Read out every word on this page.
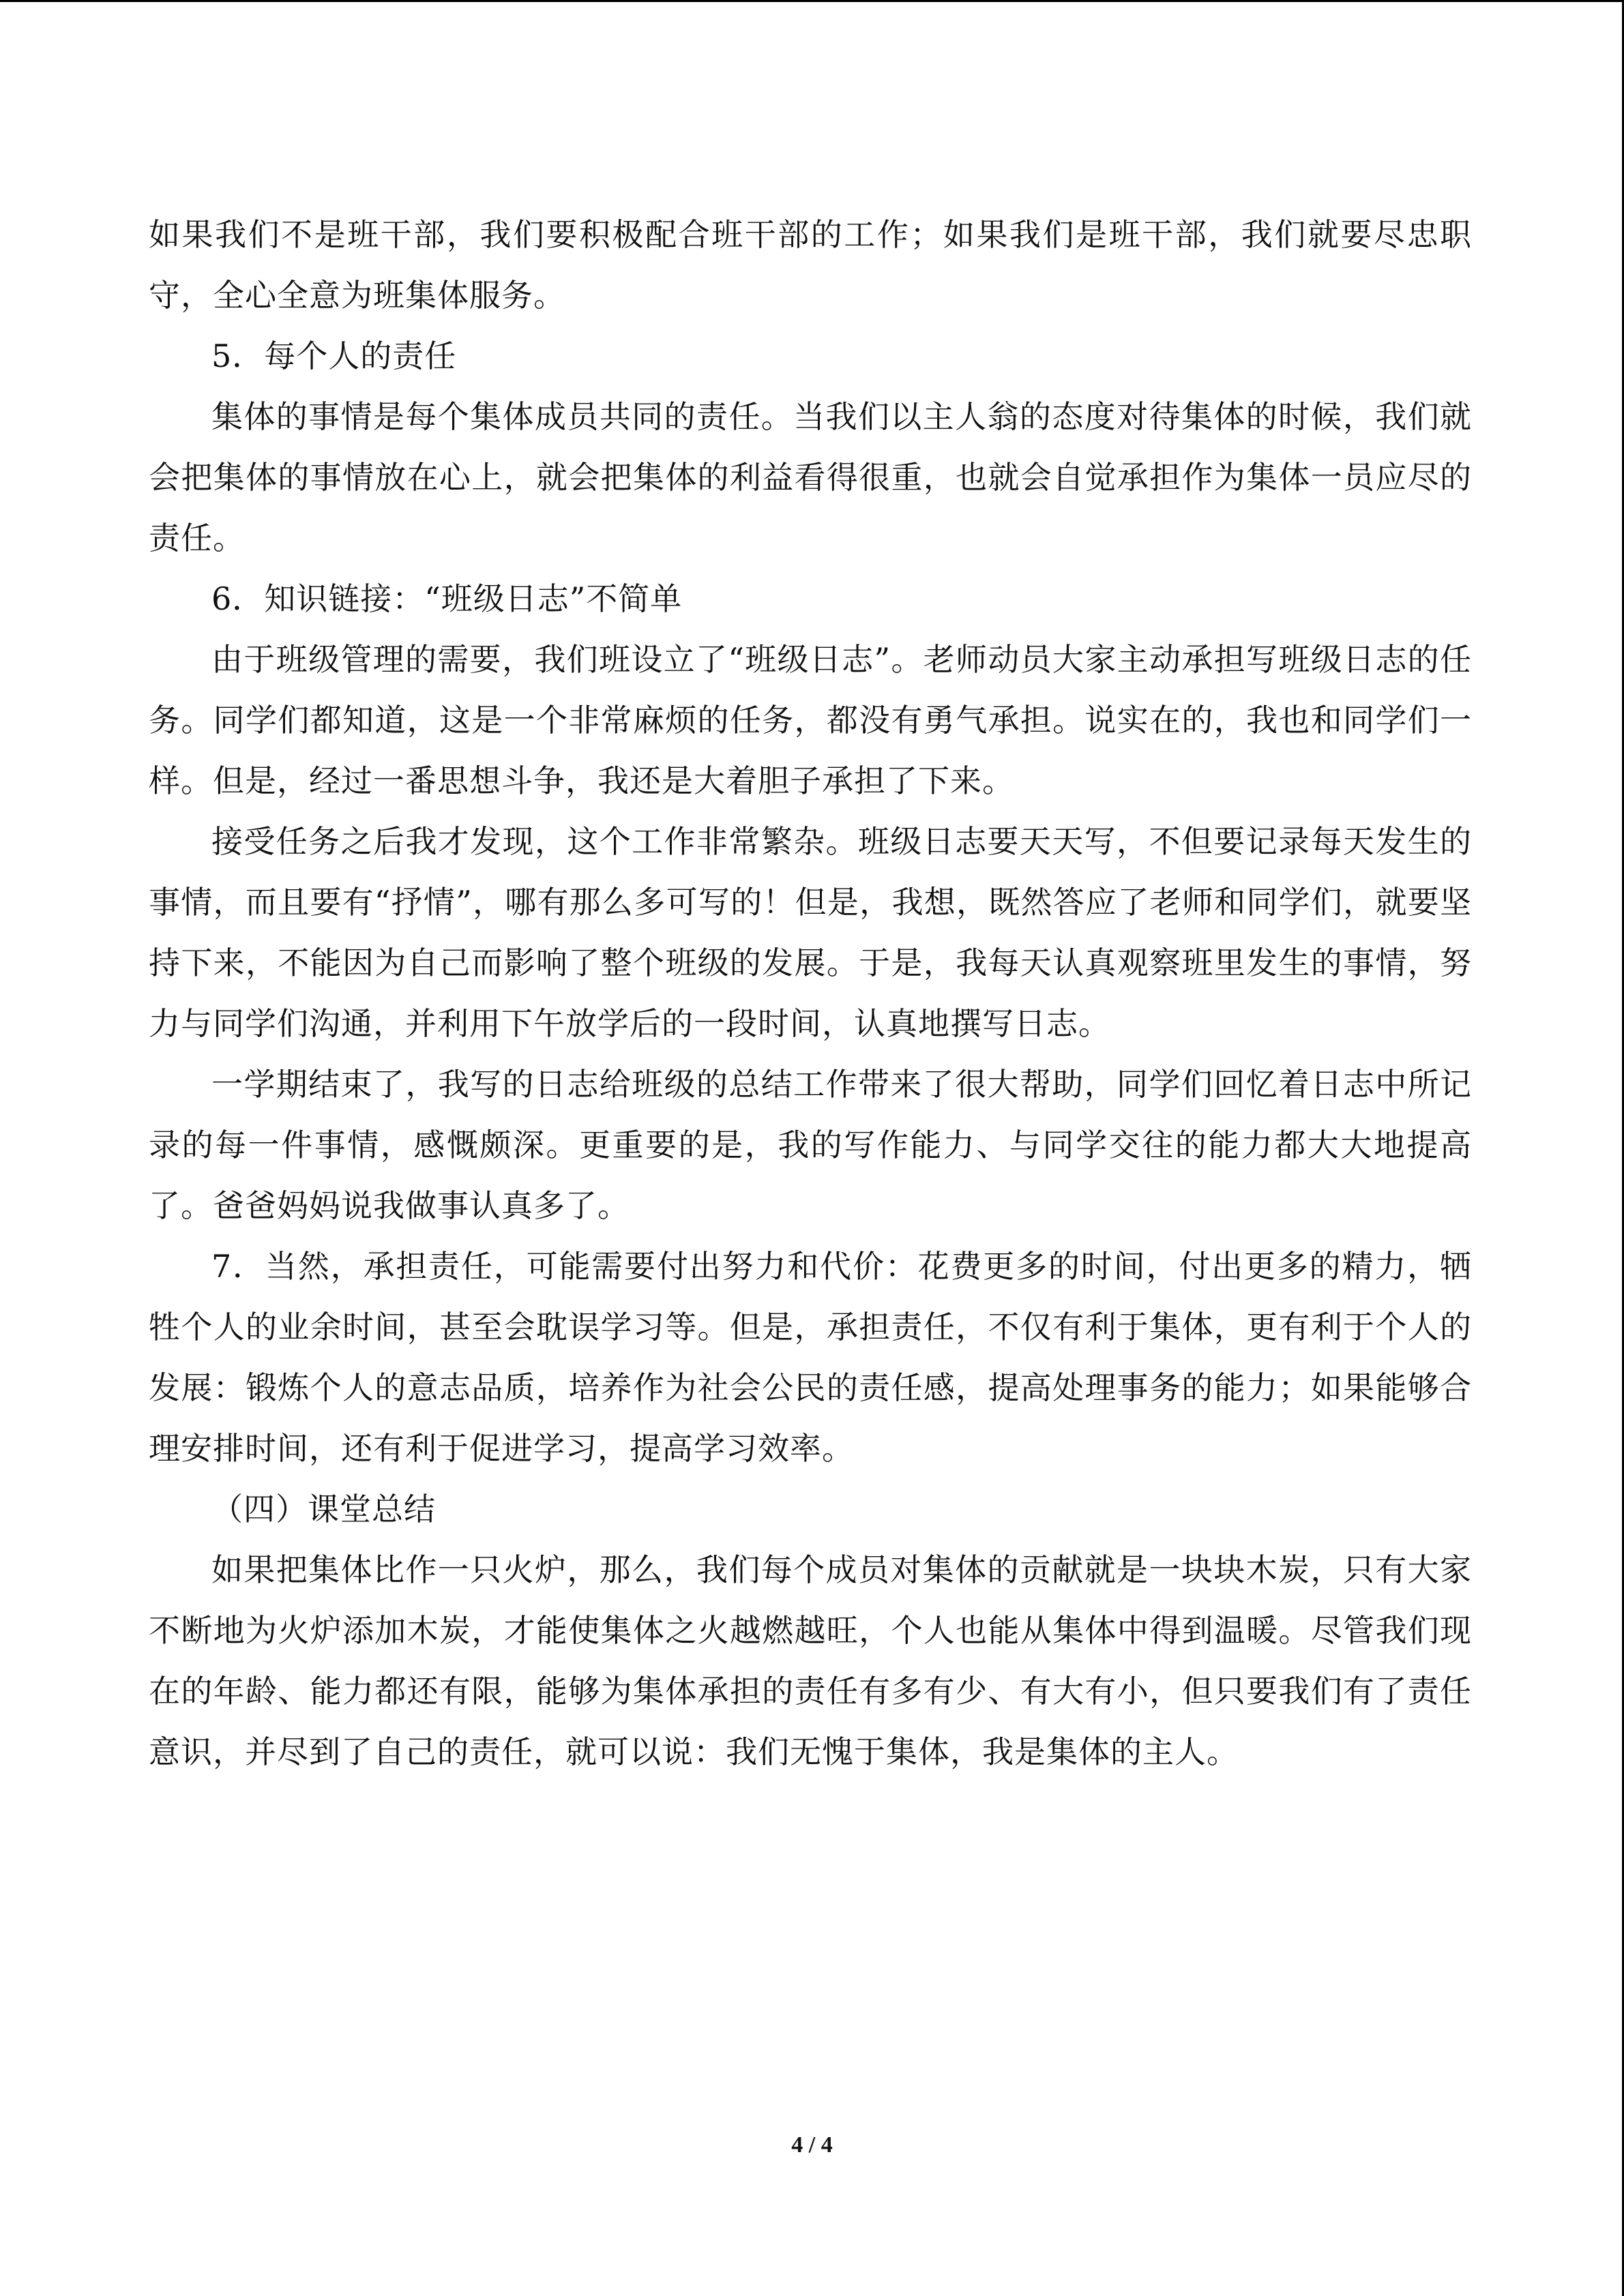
如果我们不是班干部，我们要积极配合班干部的工作；如果我们是班干部，我们就要尽忠职守，全心全意为班集体服务。

5．每个人的责任

集体的事情是每个集体成员共同的责任。当我们以主人翁的态度对待集体的时候，我们就会把集体的事情放在心上，就会把集体的利益看得很重，也就会自觉承担作为集体一员应尽的责任。

6．知识链接：“班级日志”不简单

由于班级管理的需要，我们班设立了“班级日志”。老师动员大家主动承担写班级日志的任务。同学们都知道，这是一个非常麻烦的任务，都没有勇气承担。说实在的，我也和同学们一样。但是，经过一番思想斗争，我还是大着胆子承担了下来。

接受任务之后我才发现，这个工作非常繁杂。班级日志要天天写，不但要记录每天发生的事情，而且要有“抒情”，哪有那么多可写的！但是，我想，既然答应了老师和同学们，就要坚持下来，不能因为自己而影响了整个班级的发展。于是，我每天认真观察班里发生的事情，努力与同学们沟通，并利用下午放学后的一段时间，认真地撰写日志。

一学期结束了，我写的日志给班级的总结工作带来了很大帮助，同学们回忆着日志中所记录的每一件事情，感慨颇深。更重要的是，我的写作能力、与同学交往的能力都大大地提高了。爸爸妈妈说我做事认真多了。

7．当然，承担责任，可能需要付出努力和代价：花费更多的时间，付出更多的精力，牺牲个人的业余时间，甚至会耽误学习等。但是，承担责任，不仅有利于集体，更有利于个人的发展：锻炼个人的意志品质，培养作为社会公民的责任感，提高处理事务的能力；如果能够合理安排时间，还有利于促进学习，提高学习效率。

（四）课堂总结

如果把集体比作一只火炉，那么，我们每个成员对集体的贡献就是一块块木炭，只有大家不断地为火炉添加木炭，才能使集体之火越燃越旺，个人也能从集体中得到温暖。尽管我们现在的年龄、能力都还有限，能够为集体承担的责任有多有少、有大有小，但只要我们有了责任意识，并尽到了自己的责任，就可以说：我们无愧于集体，我是集体的主人。

4 / 4
